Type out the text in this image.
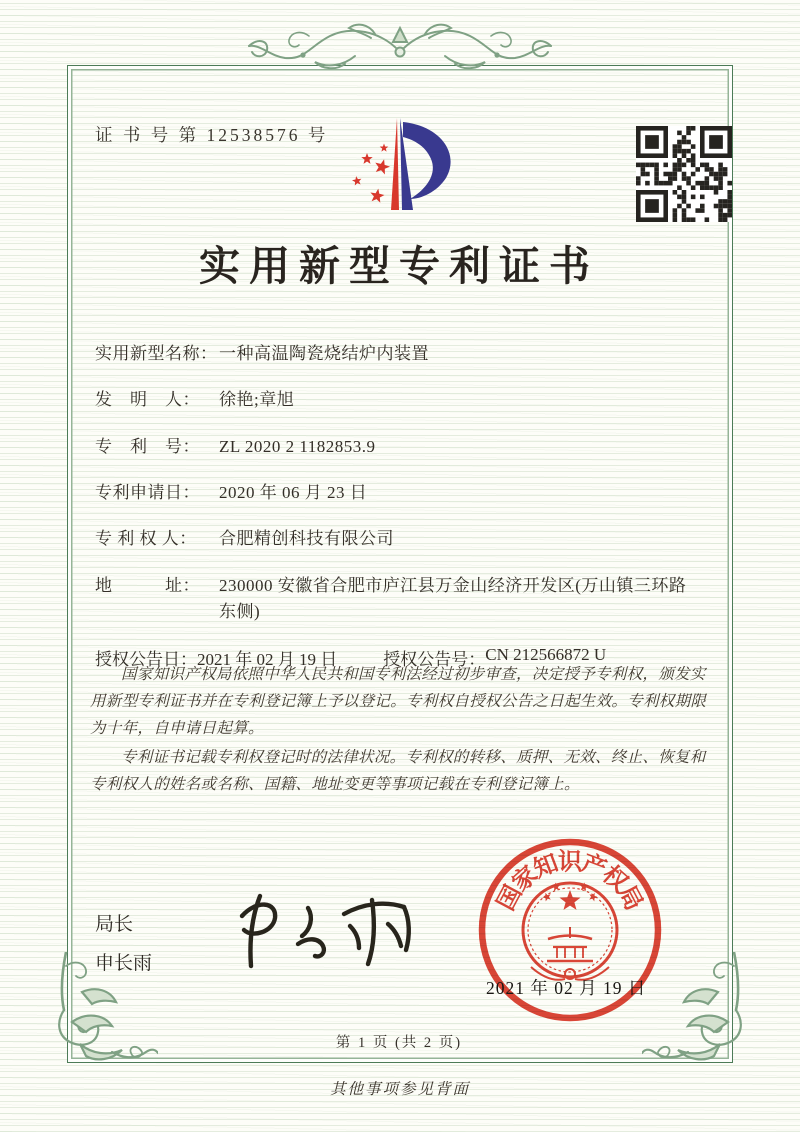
证 书 号 第 12538576 号
实用新型专利证书
实用新型名称： 一种高温陶瓷烧结炉内装置
发　明　人：	徐艳;章旭
专　利　号：	ZL 2020 2 1182853.9
专利申请日：	2020 年 06 月 23 日
专 利 权 人：	合肥精创科技有限公司
地　　　址：	230000 安徽省合肥市庐江县万金山经济开发区(万山镇三环路东侧)
授权公告日： 2021 年 02 月 19 日	授权公告号： CN 212566872 U

国家知识产权局依照中华人民共和国专利法经过初步审查，决定授予专利权，颁发实用新型专利证书并在专利登记簿上予以登记。专利权自授权公告之日起生效。专利权期限为十年，自申请日起算。

专利证书记载专利权登记时的法律状况。专利权的转移、质押、无效、终止、恢复和专利权人的姓名或名称、国籍、地址变更等事项记载在专利登记簿上。

局长
申长雨
国
家
知
识
产
权
局
2021 年 02 月 19 日
第 1 页 (共 2 页)
其他事项参见背面
